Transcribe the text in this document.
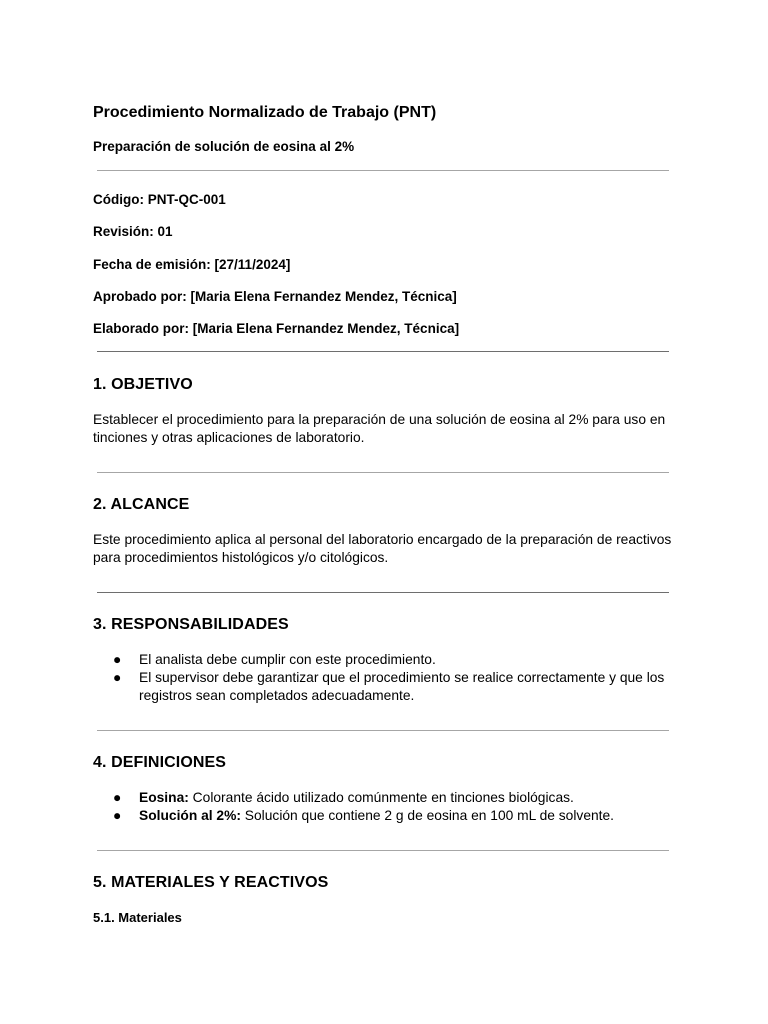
Procedimiento Normalizado de Trabajo (PNT)
Preparación de solución de eosina al 2%
Código: PNT-QC-001
Revisión: 01
Fecha de emisión: [27/11/2024]
Aprobado por: [Maria Elena Fernandez Mendez, Técnica]
Elaborado por: [Maria Elena Fernandez Mendez, Técnica]
1. OBJETIVO

Establecer el procedimiento para la preparación de una solución de eosina al 2% para uso en tinciones y otras aplicaciones de laboratorio.

2. ALCANCE

Este procedimiento aplica al personal del laboratorio encargado de la preparación de reactivos para procedimientos histológicos y/o citológicos.

3. RESPONSABILIDADES
● El analista debe cumplir con este procedimiento.
● El supervisor debe garantizar que el procedimiento se realice correctamente y que los registros sean completados adecuadamente.
4. DEFINICIONES
● Eosina: Colorante ácido utilizado comúnmente en tinciones biológicas.
● Solución al 2%: Solución que contiene 2 g de eosina en 100 mL de solvente.
5. MATERIALES Y REACTIVOS
5.1. Materiales
